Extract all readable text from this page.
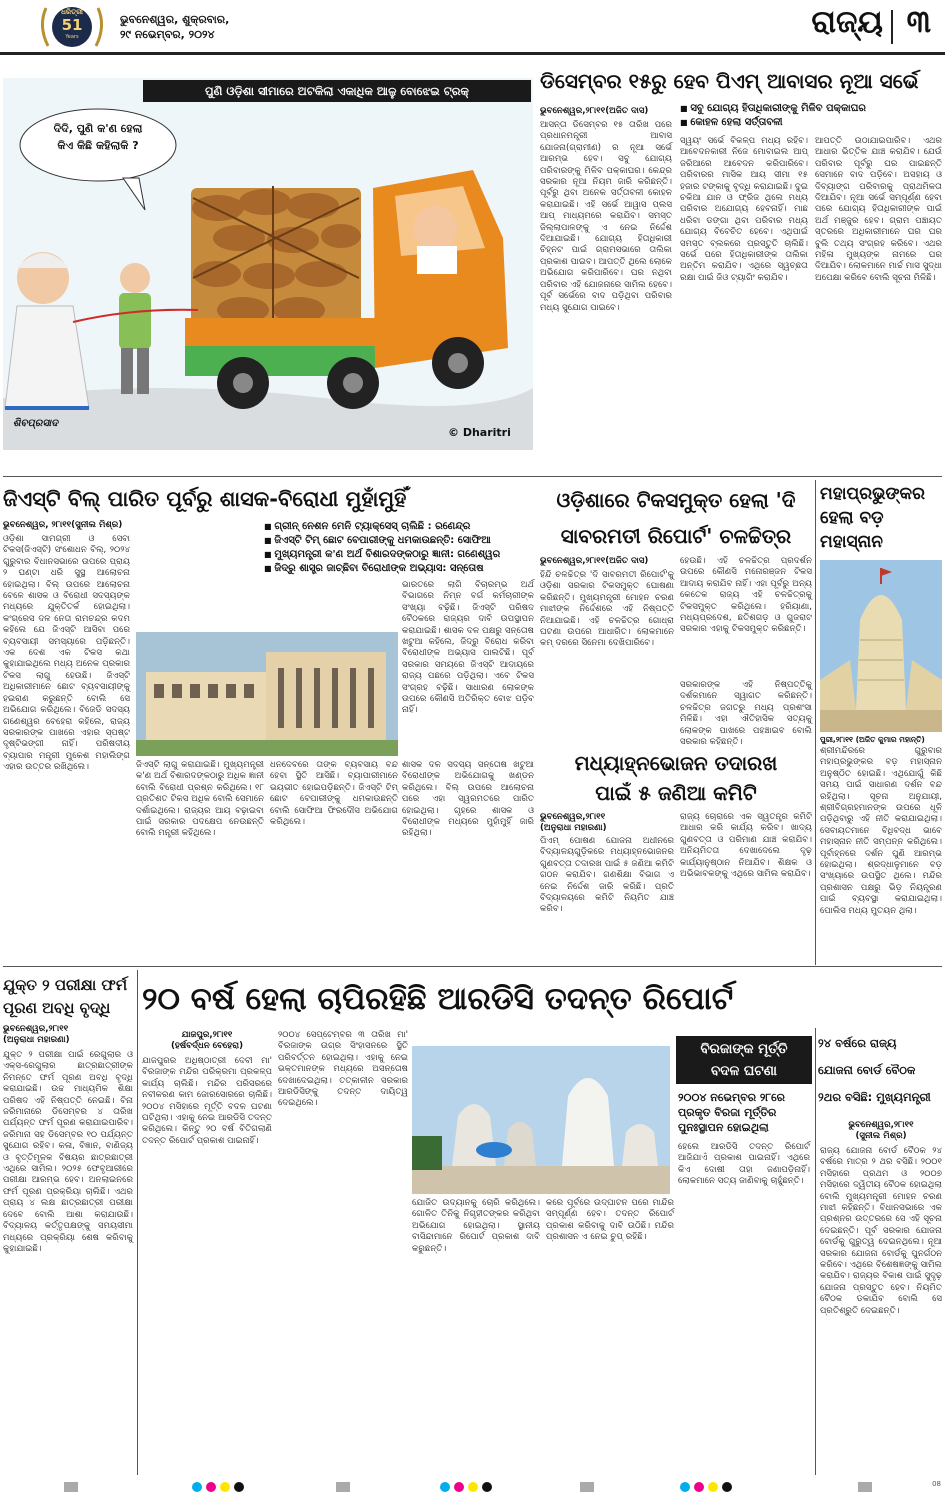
ଧରିତ୍ରୀ
51
Years
ଭୁବନେଶ୍ୱର, ଶୁକ୍ରବାର,
୨୯ ନଭେମ୍ବର, ୨୦୨୪	ରାଜ୍ୟ ୩
ପୁଣି ଓଡ଼ିଶା ସୀମାରେ ଅଟକିଲା ଏକାଧିକ ଆଳୁ ବୋଝେଇ ଟ୍ରକ୍
ଦିଦି, ପୁଣି କ'ଣ ହେଲା
କିଏ କିଛି କହିଲାକି ?
ଶିବପ୍ରସାଦ
© Dharitri
ଡିସେମ୍ବର ୧୫ରୁ ହେବ ପିଏମ୍ ଆବାସର ନୂଆ ସର୍ଭେ
■ ସବୁ ଯୋଗ୍ୟ ହିତାଧିକାରୀଙ୍କୁ ମିଳିବ ପକ୍କାଘର
■ କୋହଳ ହେଲା ସର୍ତ୍ତାବଳୀ
ଭୁବନେଶ୍ୱର,୨୮ା୧୧(ଅଜିତ ଦାସ)
ଆସନ୍ତା ଡିସେମ୍ବର ୧୫ ତାରିଖ ପରେ ପ୍ରଧାନମନ୍ତ୍ରୀ ଆବାସ ଯୋଜନା(ଗ୍ରାମୀଣ) ର ନୂଆ ସର୍ଭେ ଆରମ୍ଭ ହେବ। ସବୁ ଯୋଗ୍ୟ ପରିବାରଙ୍କୁ ମିଳିବ ପକ୍କାଘର। କେନ୍ଦ୍ର ସରକାର ନୂଆ ନିୟମ ଜାରି କରିଛନ୍ତି। ପୂର୍ବରୁ ଥିବା ଅନେକ ସର୍ତ୍ତାବଳୀ କୋହଳ କରାଯାଇଛି। ଏହି ସର୍ଭେ ଆୱାସ ପ୍ଲସ ଆପ୍ ମାଧ୍ୟମରେ କରାଯିବ। ସମସ୍ତ ଜିଲ୍ଲାପାଳଙ୍କୁ ଏ ନେଇ ନିର୍ଦ୍ଦେଶ ଦିଆଯାଇଛି। ଯୋଗ୍ୟ ହିତାଧିକାରୀ ଚିହ୍ନଟ ପାଇଁ ଗ୍ରାମସଭାରେ ତାଲିକା ପ୍ରକାଶ ପାଇବ। ଆପତ୍ତି ଥିଲେ ଲୋକେ ଅଭିଯୋଗ କରିପାରିବେ। ଘର ନଥିବା ପରିବାର ଏହି ଯୋଜନାରେ ସାମିଲ ହେବେ। ପୂର୍ବ ସର୍ଭେରେ ବାଦ ପଡ଼ିଥିବା ପରିବାର ମଧ୍ୟ ସୁଯୋଗ ପାଇବେ।
ସ୍ୱୟଂ ସର୍ଭେ ବିକଳ୍ପ ମଧ୍ୟ ରହିବ। ଆବେଦନକାରୀ ନିଜେ ମୋବାଇଲ ଆପ୍ ଜରିଆରେ ଆବେଦନ କରିପାରିବେ। ପରିବାରର ମାସିକ ଆୟ ସୀମା ୧୫ ହଜାର ଟଙ୍କାକୁ ବୃଦ୍ଧି କରାଯାଇଛି। ଦୁଇ ଚକିଆ ଯାନ ଓ ଫ୍ରିଜ ଥିଲେ ମଧ୍ୟ ପରିବାର ଅଯୋଗ୍ୟ ହେବନାହିଁ। ମାଛ ଧରିବା ଡଙ୍ଗା ଥିବା ପରିବାର ମଧ୍ୟ ଯୋଗ୍ୟ ବିବେଚିତ ହେବେ। ଏଥିପାଇଁ ସମସ୍ତ ବ୍ଲକରେ ପ୍ରସ୍ତୁତି ଚାଲିଛି। ସର୍ଭେ ପରେ ହିତାଧିକାରୀଙ୍କ ତାଲିକା ଅନ୍ତିମ କରାଯିବ। ଏଥିରେ ସ୍ୱଚ୍ଛତା ରକ୍ଷା ପାଇଁ ଜିଓ ଟ୍ୟାଗିଂ କରାଯିବ।
ଆପତ୍ତି ଉଠାଯାଇପାରିବ। ଏଥର ଆଧାର ଭିତ୍ତିକ ଯାଞ୍ଚ କରାଯିବ। ଯେଉଁ ପରିବାର ପୂର୍ବରୁ ଘର ପାଇଛନ୍ତି ସେମାନେ ବାଦ ପଡ଼ିବେ। ଅସହାୟ ଓ ଦିବ୍ୟାଙ୍ଗ ପରିବାରକୁ ପ୍ରାଥମିକତା ଦିଆଯିବ। ନୂଆ ସର୍ଭେ ସମ୍ପୂର୍ଣ୍ଣ ହେବା ପରେ ଯୋଗ୍ୟ ହିତାଧିକାରୀଙ୍କ ପାଇଁ ଅର୍ଥ ମଞ୍ଜୁର ହେବ। ଗ୍ରାମ ପଞ୍ଚାୟତ ସ୍ତରରେ ଅଧିକାରୀମାନେ ଘର ଘର ବୁଲି ତଥ୍ୟ ସଂଗ୍ରହ କରିବେ। ଏଥର ମହିଳା ମୁଖ୍ୟଙ୍କ ନାମରେ ଘର ଦିଆଯିବ। ଲୋକମାନେ ମାର୍ଚ୍ଚ ମାସ ସୁଦ୍ଧା ଅପେକ୍ଷା କରିବେ ବୋଲି ସୂଚନା ମିଳିଛି।
ଜିଏସ୍‌ଟି ବିଲ୍ ପାରିତ ପୂର୍ବରୁ ଶାସକ-ବିରୋଧୀ ମୁହାଁମୁହିଁ
ଭୁବନେଶ୍ୱର, ୨୮ା୧୧(ସୁନୀଲ ମିଶ୍ର)
■	ଗ୍ରୀନ୍ ନେଶନ ମେନି ଟ୍ୟାକ୍ସେସ୍ ଚାଲିଛି : ରଣେନ୍ଦ୍ର
■ ଜିଏସ୍‌ଟି ଟିମ୍ ଛୋଟ ବେପାରୀଙ୍କୁ ଧମକାଉଛନ୍ତି: ସୋଫିଆ
■ ମୁଖ୍ୟମନ୍ତ୍ରୀ କ'ଣ ଅର୍ଥ ବିଶାରଦଙ୍କଠାରୁ ଜ୍ଞାନୀ: ଗଣେଶ୍ୱର
■ ଜିଦ୍‌ରୁ ଶାସ୍ତ୍ର ଜାଚ୍ଛିବା ବିରୋଧୀଙ୍କ ଅଭ୍ୟାସ: ସନ୍ତୋଷ
ଓଡ଼ିଶା ସାମଗ୍ରୀ ଓ ସେବା ଟିକସ(ଜିଏସ୍‌ଟି) ସଂଶୋଧନ ବିଲ୍, ୨୦୨୪ ଗୁରୁବାର ବିଧାନସଭାରେ ଉପରେ ପ୍ରାୟ ୨ ଘଣ୍ଟା ଧରି ସୁସ୍ଥ ଆଲୋଚନା ହୋଇଥିଲା। ବିଲ୍ ଉପରେ ଆଲୋଚନା ବେଳେ ଶାସକ ଓ ବିରୋଧୀ ସଦସ୍ୟଙ୍କ ମଧ୍ୟରେ ଯୁକ୍ତିତର୍କ ହୋଇଥିଲା। କଂଗ୍ରେସ ଦଳ ନେତା ରାମଚନ୍ଦ୍ର କଦମ କହିଲେ ଯେ ଜିଏସ୍‌ଟି ଆସିବା ପରେ ବ୍ୟବସାୟୀ ସମସ୍ୟାରେ ପଡ଼ିଛନ୍ତି। ଏକ ଦେଶ ଏକ ଟିକସ କଥା କୁହାଯାଇଥିଲେ ମଧ୍ୟ ଅନେକ ପ୍ରକାର ଟିକସ ଲାଗୁ ହେଉଛି। ଜିଏସ୍‌ଟି ଅଧିକାରୀମାନେ ଛୋଟ ବ୍ୟବସାୟୀଙ୍କୁ ହଇରାଣ କରୁଛନ୍ତି ବୋଲି ସେ ଅଭିଯୋଗ କରିଥିଲେ। ବିଜେଡି ସଦସ୍ୟ ଗଣେଶ୍ୱର ବେହେରା କହିଲେ, ରାଜ୍ୟ ସରକାରଙ୍କ ପାଖରେ ଏହାର ସ୍ପଷ୍ଟ ଦୃଷ୍ଟିଭଙ୍ଗୀ ନାହିଁ। ପରିଷଦୀୟ ବ୍ୟାପାର ମନ୍ତ୍ରୀ ମୁକେଶ ମହାଲିଙ୍ଗ ଏହାର ଉତ୍ତର ରଖିଥିଲେ।
ଭାରତରେ ଲାଗି ବିଚାରମ୍ଭ ଅର୍ଥ ବିଭାଗରେ ନିମ୍ନ ବର୍ଗ କର୍ମଚାରୀଙ୍କ ସଂଖ୍ୟା ବଢ଼ିଛି। ଜିଏସ୍‌ଟି ପରିଷଦ ବୈଠକରେ ରାଜ୍ୟର ଦାବି ଉପସ୍ଥାପନ କରାଯାଇଛି। ଶାସକ ଦଳ ପକ୍ଷରୁ ସନ୍ତୋଷ ଖଟୁଆ କହିଲେ, ଜିଦ୍‌ରୁ ବିରୋଧ କରିବା ବିରୋଧୀଙ୍କ ଅଭ୍ୟାସ ପାଲଟିଛି। ପୂର୍ବ ସରକାର ସମୟରେ ଜିଏସ୍‌ଟି ଆଦାୟରେ ରାଜ୍ୟ ପଛରେ ପଡ଼ିଥିଲା। ଏବେ ଟିକସ ସଂଗ୍ରହ ବଢ଼ିଛି। ସାଧାରଣ ଲୋକଙ୍କ ଉପରେ କୌଣସି ଅତିରିକ୍ତ ବୋଝ ପଡ଼ିବ ନାହିଁ।
ଜିଏସ୍‌ଟି ଲାଗୁ କରାଯାଇଛି। ମୁଖ୍ୟମନ୍ତ୍ରୀ କ'ଣ ଅର୍ଥ ବିଶାରଦଙ୍କଠାରୁ ଅଧିକ ଜ୍ଞାନୀ ବୋଲି ବିରୋଧୀ ପ୍ରଶ୍ନ କରିଥିଲେ। ୧୮ ପ୍ରତିଶତ ଟିକସ ଅଧିକ ବୋଲି ସେମାନେ ଦର୍ଶାଇଥିଲେ। ରାଜ୍ୟର ଆୟ ବଢ଼ାଇବା ପାଇଁ ସରକାର ପଦକ୍ଷେପ ନେଉଛନ୍ତି ବୋଲି ମନ୍ତ୍ରୀ କହିଥିଲେ।
ଧନଦେବରେ ତାଙ୍କ ବ୍ୟବସାୟ ବନ୍ଦ ହେବା ସ୍ଥିତି ଆସିଛି। ବ୍ୟାପାରୀମାନେ ଭୟଭୀତ ହୋଇପଡ଼ିଛନ୍ତି। ଜିଏସ୍‌ଟି ଟିମ୍ ଛୋଟ ବେପାରୀଙ୍କୁ ଧମକାଉଛନ୍ତି ବୋଲି ସୋଫିଆ ଫିରଦୌସ ଅଭିଯୋଗ କରିଥିଲେ।
ଶାସକ ଦଳ ସଦସ୍ୟ ସନ୍ତୋଷ ଖଟୁଆ ବିରୋଧୀଙ୍କ ଅଭିଯୋଗକୁ ଖଣ୍ଡନ କରିଥିଲେ। ବିଲ୍ ଉପରେ ଆଲୋଚନା ପରେ ଏହା ସ୍ୱରମତରେ ପାରିତ ହୋଇଥିଲା। ଗୃହରେ ଶାସକ ଓ ବିରୋଧୀଙ୍କ ମଧ୍ୟରେ ମୁହାଁମୁହିଁ ଜାରି ରହିଥିଲା।
ଓଡ଼ିଶାରେ ଟିକସମୁକ୍ତ ହେଲା 'ଦି
ସାବରମତୀ ରିପୋର୍ଟ' ଚଳଚ୍ଚିତ୍ର
ଭୁବନେଶ୍ୱର,୨୮ା୧୧(ଅଜିତ ଦାସ)
ହିନ୍ଦି ଚଳଚ୍ଚିତ୍ର 'ଦି ସାବରମତୀ ରିପୋର୍ଟ'କୁ ଓଡ଼ିଶା ସରକାର ଟିକସମୁକ୍ତ ଘୋଷଣା କରିଛନ୍ତି। ମୁଖ୍ୟମନ୍ତ୍ରୀ ମୋହନ ଚରଣ ମାଝୀଙ୍କ ନିର୍ଦ୍ଦେଶରେ ଏହି ନିଷ୍ପତ୍ତି ନିଆଯାଇଛି। ଏହି ଚଳଚ୍ଚିତ୍ର ଗୋଧ୍ରା ଘଟଣା ଉପରେ ଆଧାରିତ। ଲୋକମାନେ କମ୍ ଦରରେ ସିନେମା ଦେଖିପାରିବେ।
ହେଉଛି। ଏହି ଚଳଚ୍ଚିତ୍ର ପ୍ରଦର୍ଶନ ଉପରେ କୌଣସି ମନୋରଞ୍ଜନ ଟିକସ ଆଦାୟ କରାଯିବ ନାହିଁ। ଏହା ପୂର୍ବରୁ ଅନ୍ୟ କେତେକ ରାଜ୍ୟ ଏହି ଚଳଚ୍ଚିତ୍ରକୁ ଟିକସମୁକ୍ତ କରିଥିଲେ। ହରିୟାଣା, ମଧ୍ୟପ୍ରଦେଶ, ଛତିଶଗଡ଼ ଓ ଗୁଜରାଟ ସରକାର ଏହାକୁ ଟିକସମୁକ୍ତ କରିଛନ୍ତି।
ସରକାରଙ୍କ ଏହି ନିଷ୍ପତ୍ତିକୁ ଦର୍ଶକମାନେ ସ୍ୱାଗତ କରିଛନ୍ତି। ଚଳଚ୍ଚିତ୍ର ଜଗତରୁ ମଧ୍ୟ ପ୍ରଶଂସା ମିଳିଛି। ଏହା ଐତିହାସିକ ସତ୍ୟକୁ ଲୋକଙ୍କ ପାଖରେ ପହଞ୍ଚାଇବ ବୋଲି ସରକାର କହିଛନ୍ତି।
ମଧ୍ୟାହ୍ନଭୋଜନ ତଦାରଖ
ପାଇଁ ୫ ଜଣିଆ କମିଟି
ଭୁବନେଶ୍ୱର,୨୮ା୧୧
(ଅନୁରାଧା ମହାରଣା)
ପିଏମ୍ ପୋଷଣ ଯୋଜନା ଅଧୀନରେ ବିଦ୍ୟାଳୟଗୁଡ଼ିକରେ ମଧ୍ୟାହ୍ନଭୋଜନର ଗୁଣବତ୍ତା ତଦାରଖ ପାଇଁ ୫ ଜଣିଆ କମିଟି ଗଠନ କରାଯିବ। ଗଣଶିକ୍ଷା ବିଭାଗ ଏ ନେଇ ନିର୍ଦ୍ଦେଶ ଜାରି କରିଛି। ପ୍ରତି ବିଦ୍ୟାଳୟରେ କମିଟି ନିୟମିତ ଯାଞ୍ଚ କରିବ।
ରାଜ୍ୟ ଚୋରାରେ ଏକ ସ୍ୱତନ୍ତ୍ର କମିଟି ଆଧାର କରି କାର୍ଯ୍ୟ କରିବ। ଖାଦ୍ୟ ଗୁଣବତ୍ତା ଓ ପରିମାଣ ଯାଞ୍ଚ କରାଯିବ। ଅନିୟମିତତା ଦେଖାଦେଲେ ଦୃଢ଼ କାର୍ଯ୍ୟାନୁଷ୍ଠାନ ନିଆଯିବ। ଶିକ୍ଷକ ଓ ଅଭିଭାବକଙ୍କୁ ଏଥିରେ ସାମିଲ କରାଯିବ।
ମହାପ୍ରଭୁଙ୍କର
ହେଲା ବଡ଼
ମହାସ୍ନାନ
ପୁରୀ,୨୮ା୧୧ (ଅଜିତ କୁମାର ମହାନ୍ତି)
ଶ୍ରୀମନ୍ଦିରରେ ଗୁରୁବାର ମହାପ୍ରଭୁଙ୍କର ବଡ଼ ମହାସ୍ନାନ ଅନୁଷ୍ଠିତ ହୋଇଛି। ଏଥିଯୋଗୁଁ କିଛି ସମୟ ପାଇଁ ସାଧାରଣ ଦର୍ଶନ ବନ୍ଦ ରହିଥିଲା। ସୂଚନା ଅନୁଯାୟୀ, ଶ୍ରୀବିଗ୍ରହମାନଙ୍କ ଉପରେ ଧୂଳି ପଡ଼ିଥିବାରୁ ଏହି ନୀତି କରାଯାଇଥିଲା। ସେବାୟତମାନେ ବିଧିବଦ୍ଧ ଭାବେ ମହାସ୍ନାନ ନୀତି ସମ୍ପନ୍ନ କରିଥିଲେ। ପୂର୍ବାହ୍ନରେ ଦର୍ଶନ ପୁଣି ଆରମ୍ଭ ହୋଇଥିଲା। ଶ୍ରଦ୍ଧାଳୁମାନେ ବଡ଼ ସଂଖ୍ୟାରେ ଉପସ୍ଥିତ ଥିଲେ। ମନ୍ଦିର ପ୍ରଶାସନ ପକ୍ଷରୁ ଭିଡ଼ ନିୟନ୍ତ୍ରଣ ପାଇଁ ବ୍ୟବସ୍ଥା କରାଯାଇଥିଲା। ପୋଲିସ ମଧ୍ୟ ମୁତୟନ ଥିଲା।
ଯୁକ୍ତ ୨ ପରୀକ୍ଷା ଫର୍ମ
ପୂରଣ ଅବଧି ବୃଦ୍ଧି
ଭୁବନେଶ୍ୱର,୨୮ା୧୧
(ଅନୁରାଧା ମହାରଣା)
ଯୁକ୍ତ ୨ ପରୀକ୍ଷା ପାଇଁ ରେଗୁଲାର ଓ ଏକ୍ସ-ରେଗୁଲାର ଛାତ୍ରଛାତ୍ରୀଙ୍କ ନିମନ୍ତେ ଫର୍ମ ପୂରଣ ଅବଧି ବୃଦ୍ଧି କରାଯାଇଛି। ଉଚ୍ଚ ମାଧ୍ୟମିକ ଶିକ୍ଷା ପରିଷଦ ଏହି ନିଷ୍ପତ୍ତି ନେଇଛି। ବିନା ଜରିମାନାରେ ଡିସେମ୍ବର ୪ ତାରିଖ ପର୍ଯ୍ୟନ୍ତ ଫର୍ମ ପୂରଣ କରାଯାଇପାରିବ। ଜରିମାନା ସହ ଡିସେମ୍ବର ୧୦ ପର୍ଯ୍ୟନ୍ତ ସୁଯୋଗ ରହିବ। କଳା, ବିଜ୍ଞାନ, ବାଣିଜ୍ୟ ଓ ବୃତ୍ତିମୂଳକ ବିଷୟର ଛାତ୍ରଛାତ୍ରୀ ଏଥିରେ ସାମିଲ। ୨୦୨୫ ଫେବୃଆରୀରେ ପରୀକ୍ଷା ଆରମ୍ଭ ହେବ। ଅନଲାଇନରେ ଫର୍ମ ପୂରଣ ପ୍ରକ୍ରିୟା ଚାଲିଛି। ଏଥର ପ୍ରାୟ ୪ ଲକ୍ଷ ଛାତ୍ରଛାତ୍ରୀ ପରୀକ୍ଷା ଦେବେ ବୋଲି ଆଶା କରାଯାଉଛି। ବିଦ୍ୟାଳୟ କର୍ତ୍ତୃପକ୍ଷଙ୍କୁ ସମୟସୀମା ମଧ୍ୟରେ ପ୍ରକ୍ରିୟା ଶେଷ କରିବାକୁ କୁହାଯାଇଛି।
୨୦ ବର୍ଷ ହେଲା ଚାପିରହିଛି ଆରଡିସି ତଦନ୍ତ ରିପୋର୍ଟ
ଯାଜପୁର,୨୮ା୧୧
(ହର୍ଷବର୍ଦ୍ଧନ ବେହେରା)
ଯାଜପୁରର ଅଧିଷ୍ଠାତ୍ରୀ ଦେବୀ ମା' ବିରଜାଙ୍କ ମନ୍ଦିର ପରିକ୍ରମା ପ୍ରକଳ୍ପ କାର୍ଯ୍ୟ ଚାଲିଛି। ମନ୍ଦିର ପରିସରରେ ନବୀକରଣ କାମ ଜୋରସୋରରେ ଚାଲିଛି। ୨୦୦୪ ମସିହାରେ ମୂର୍ତ୍ତି ବଦଳ ଘଟଣା ଘଟିଥିଲା। ଏହାକୁ ନେଇ ଆରଡିସି ତଦନ୍ତ କରିଥିଲେ। କିନ୍ତୁ ୨୦ ବର୍ଷ ବିତିଗଲାଣି ତଦନ୍ତ ରିପୋର୍ଟ ପ୍ରକାଶ ପାଇନାହିଁ।
୨୦୦୪ ସେପ୍ଟେମ୍ବର ୩ ତାରିଖ ମା' ବିରଜାଙ୍କ ଉଗ୍ର ସିଂହାସନରେ ସ୍ଥିତି ପରିବର୍ତ୍ତନ ହୋଇଥିଲା। ଏହାକୁ ନେଇ ଭକ୍ତମାନଙ୍କ ମଧ୍ୟରେ ଅସନ୍ତୋଷ ଦେଖାଦେଇଥିଲା। ତତ୍କାଳୀନ ସରକାର ଆରଡିସିଙ୍କୁ ତଦନ୍ତ ଦାୟିତ୍ୱ ଦେଇଥିଲେ।
ଯୋଜିତ ଉଦ୍ୟାନକୁ ଚୋରି କରିଥିଲେ। ଗୋଳିତ ତିନିକୁ ନିଗୃହୀତଙ୍କର କରିଥିବା ଅଭିଯୋଗ ହୋଇଥିଲା। ସ୍ଥାନୀୟ ବାସିନ୍ଦାମାନେ ରିପୋର୍ଟ ପ୍ରକାଶ ଦାବି କରୁଛନ୍ତି।
କରେ ପୂର୍ବରେ ଉଦ୍‌ଘାଟନ ପରେ ମାନ୍ଦିର ସମ୍ପୂର୍ଣ୍ଣ ହେବ। ତଦନ୍ତ ରିପୋର୍ଟ ପ୍ରକାଶ କରିବାକୁ ଦାବି ଉଠିଛି। ମନ୍ଦିର ପ୍ରଶାସନ ଏ ନେଇ ଚୁପ୍ ରହିଛି।
ବିରଜାଙ୍କ ମୂର୍ତ୍ତି
ବଦଳ ଘଟଣା
୨୦୦୪ ନଭେମ୍ବର ୨୮ରେ ପ୍ରକୃତ ବିରଜା ମୂର୍ତ୍ତିର ପୁନଃସ୍ଥାପନ ହୋଇଥିଲା
ହେଲେ ଆରଡିସି ତଦନ୍ତ ରିପୋର୍ଟ ଆଜିଯାଏଁ ପ୍ରକାଶ ପାଇନାହିଁ। ଏଥିରେ କିଏ ଦୋଷୀ ତାହା ଜଣାପଡ଼ିନାହିଁ। ଲୋକମାନେ ସତ୍ୟ ଜାଣିବାକୁ ଚାହୁଁଛନ୍ତି।
୨୪ ବର୍ଷରେ ରାଜ୍ୟ
ଯୋଜନା ବୋର୍ଡ ବୈଠକ
୨ଥର ବସିଛି: ମୁଖ୍ୟମନ୍ତ୍ରୀ
ଭୁବନେଶ୍ୱର,୨୮ା୧୧
(ସୁନୀଲ ମିଶ୍ର)
ରାଜ୍ୟ ଯୋଜନା ବୋର୍ଡ ବୈଠକ ୨୪ ବର୍ଷରେ ମାତ୍ର ୨ ଥର ବସିଛି। ୨୦୦୧ ମସିହାରେ ପ୍ରଥମ ଓ ୨୦୦୭ ମସିହାରେ ଦ୍ୱିତୀୟ ବୈଠକ ହୋଇଥିଲା ବୋଲି ମୁଖ୍ୟମନ୍ତ୍ରୀ ମୋହନ ଚରଣ ମାଝୀ କହିଛନ୍ତି। ବିଧାନସଭାରେ ଏକ ପ୍ରଶ୍ନର ଉତ୍ତରରେ ସେ ଏହି ସୂଚନା ଦେଇଛନ୍ତି। ପୂର୍ବ ସରକାର ଯୋଜନା ବୋର୍ଡକୁ ଗୁରୁତ୍ୱ ଦେଇନଥିଲେ। ନୂଆ ସରକାର ଯୋଜନା ବୋର୍ଡକୁ ପୁନର୍ଗଠନ କରିବେ। ଏଥିରେ ବିଶେଷଜ୍ଞଙ୍କୁ ସାମିଲ କରାଯିବ। ରାଜ୍ୟର ବିକାଶ ପାଇଁ ସୁଦୃଢ଼ ଯୋଜନା ପ୍ରସ୍ତୁତ ହେବ। ନିୟମିତ ବୈଠକ ଡକାଯିବ ବୋଲି ସେ ପ୍ରତିଶ୍ରୁତି ଦେଇଛନ୍ତି।
08
